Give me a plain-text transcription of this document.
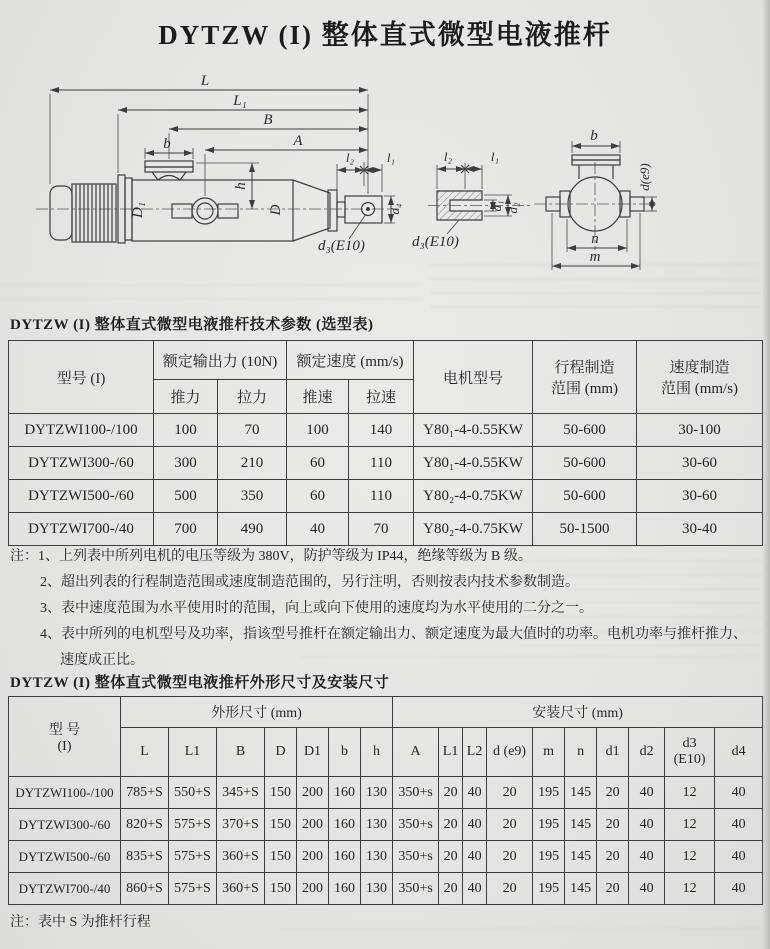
DYTZW (I) 整体直式微型电液推杆
L
L₁
B
A
b
h
D₁	D
l₂	l₁
d₄
d₃(E10)
l₂	l₁
d₁ d₂
d₃(E10)
b
d(e9)
n
m
DYTZW (I) 整体直式微型电液推杆技术参数 (选型表)
型号 (I)	额定输出力 (10N)	额定速度 (mm/s)	电机型号	
行程制造
范围 (mm)

速度制造
范围 (mm/s)

	推力	拉力	推速	拉速			
DYTZWI100-/100	100	70	100	140	Y80₁-4-0.55KW	50-600	30-100
DYTZWI300-/60	300	210	60	110	Y80₁-4-0.55KW	50-600	30-60
DYTZWI500-/60	500	350	60	110	Y80₂-4-0.75KW	50-600	30-60
DYTZWI700-/40	700	490	40	70	Y80₂-4-0.75KW	50-1500	30-40
注：1、上列表中所列电机的电压等级为 380V，防护等级为 IP44，绝缘等级为 B 级。
2、超出列表的行程制造范围或速度制造范围的，另行注明，否则按表内技术参数制造。
3、表中速度范围为水平使用时的范围，向上或向下使用的速度均为水平使用的二分之一。
4、表中所列的电机型号及功率，指该型号推杆在额定输出力、额定速度为最大值时的功率。电机功率与推杆推力、
速度成正比。
DYTZW (I) 整体直式微型电液推杆外形尺寸及安装尺寸
型 号
(I)	外形尺寸 (mm)							安装尺寸 (mm)									
	L	L1	B	D	D1	b	h	A	L1	L2	d (e9)	m	n	d1	d2	d3 (E10)	d4
DYTZWI100-/100	785+S	550+S	345+S	150	200	160	130	350+s	20	40	20	195	145	20	40	12	40
DYTZWI300-/60	820+S	575+S	370+S	150	200	160	130	350+s	20	40	20	195	145	20	40	12	40
DYTZWI500-/60	835+S	575+S	360+S	150	200	160	130	350+s	20	40	20	195	145	20	40	12	40
DYTZWI700-/40	860+S	575+S	360+S	150	200	160	130	350+s	20	40	20	195	145	20	40	12	40
注：表中 S 为推杆行程
